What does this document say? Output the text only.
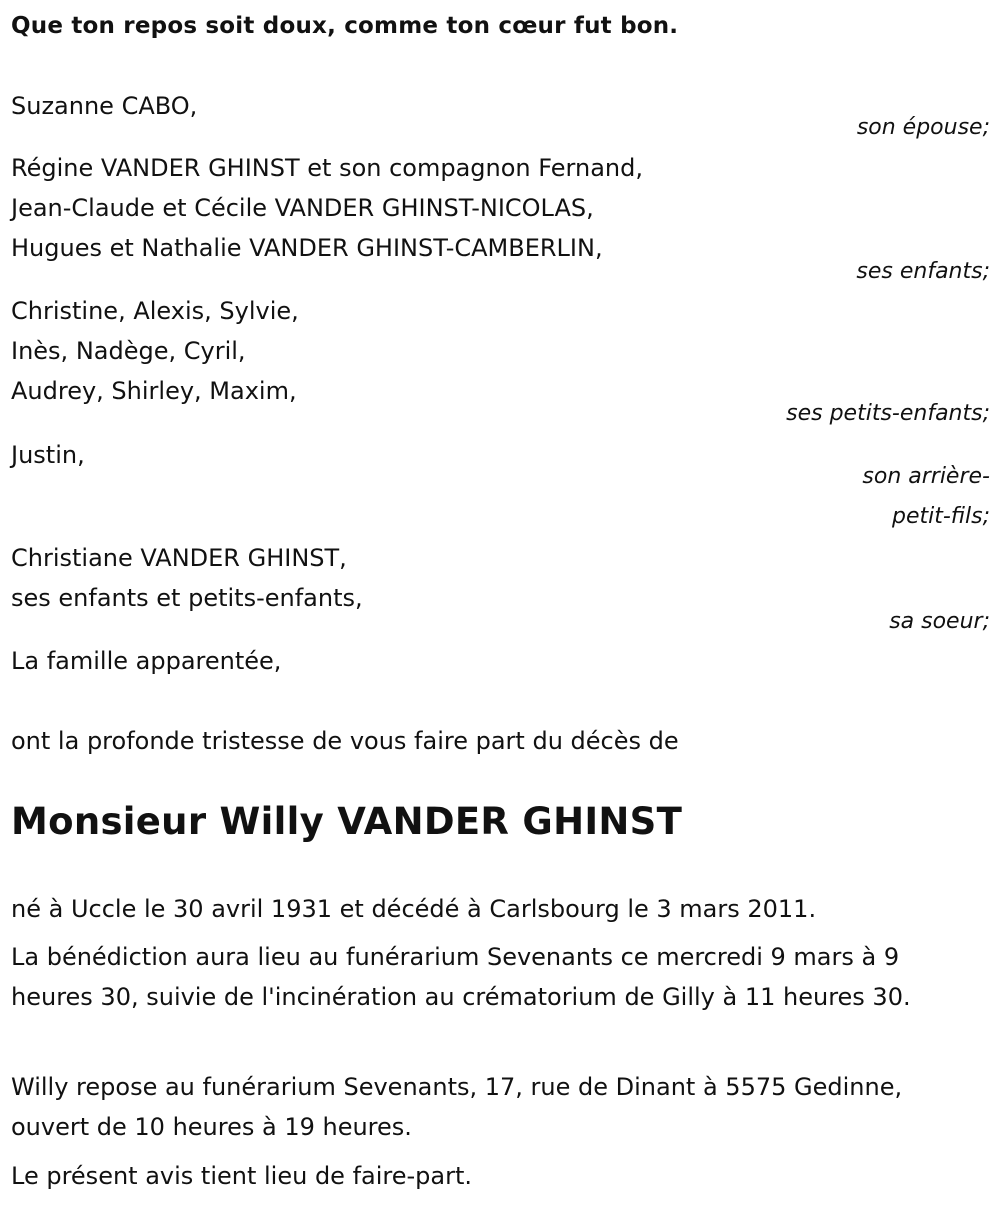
Que ton repos soit doux, comme ton cœur fut bon.
Suzanne CABO,
son épouse;
Régine VANDER GHINST et son compagnon Fernand,
Jean-Claude et Cécile VANDER GHINST-NICOLAS,
Hugues et Nathalie VANDER GHINST-CAMBERLIN,
ses enfants;
Christine, Alexis, Sylvie,
Inès, Nadège, Cyril,
Audrey, Shirley, Maxim,
ses petits-enfants;
Justin,
son arrière-
petit-fils;
Christiane VANDER GHINST,
ses enfants et petits-enfants,
sa soeur;
La famille apparentée,
ont la profonde tristesse de vous faire part du décès de
Monsieur Willy VANDER GHINST
né à Uccle le 30 avril 1931 et décédé à Carlsbourg le 3 mars 2011.
La bénédiction aura lieu au funérarium Sevenants ce mercredi 9 mars à 9 heures 30, suivie de l'incinération au crématorium de Gilly à 11 heures 30.
Willy repose au funérarium Sevenants, 17, rue de Dinant à 5575 Gedinne, ouvert de 10 heures à 19 heures.
Le présent avis tient lieu de faire-part.
